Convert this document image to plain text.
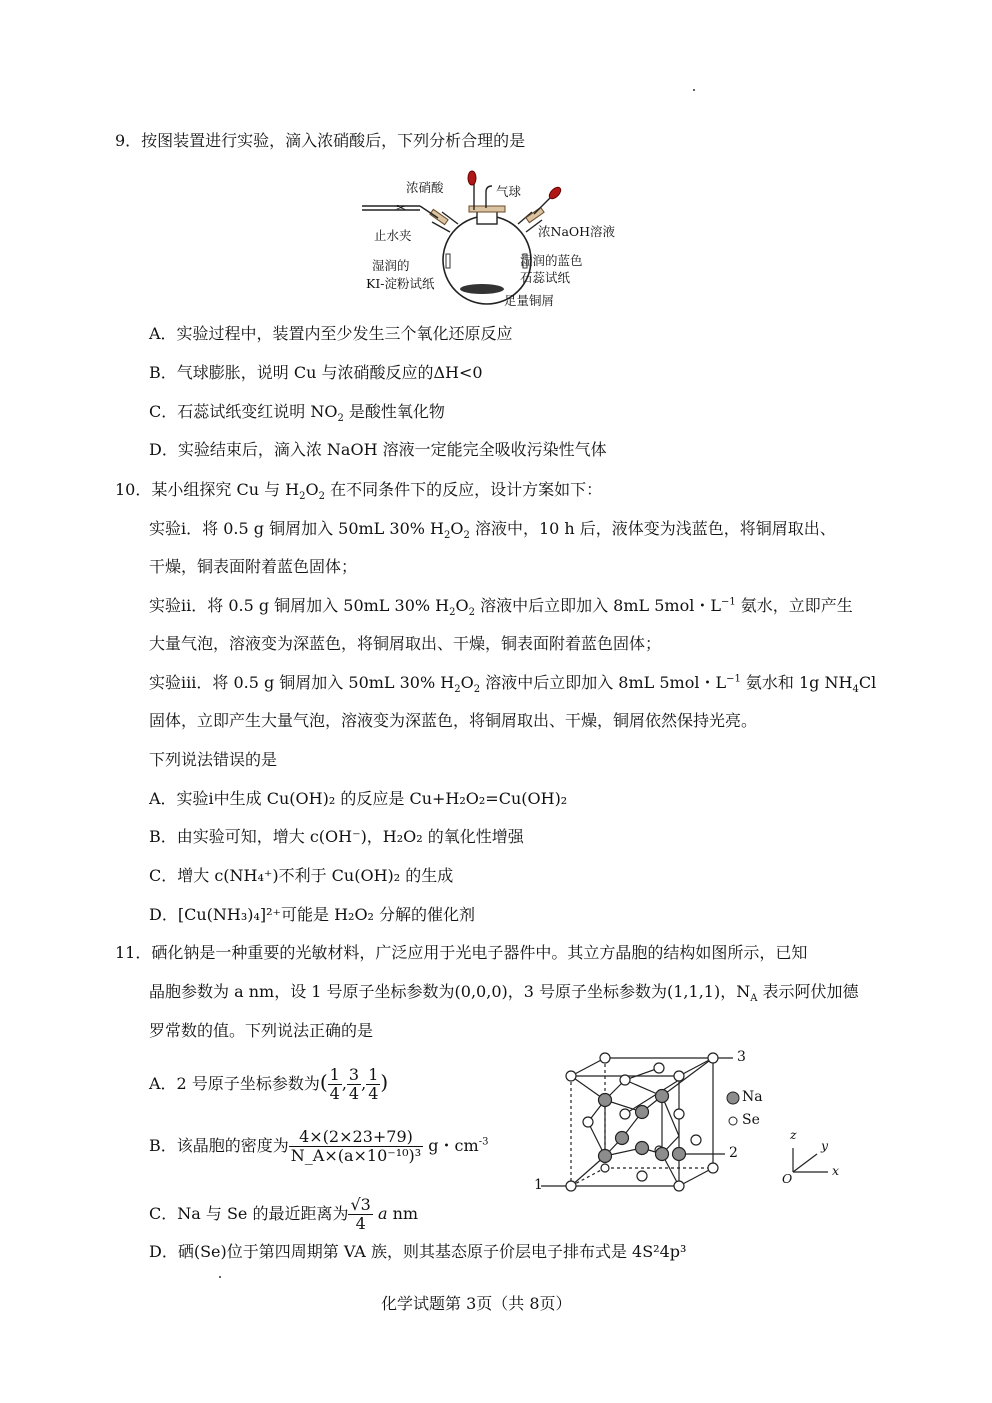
9．按图装置进行实验，滴入浓硝酸后，下列分析合理的是
✂
浓硝酸	气球
止水夹	浓NaOH溶液
湿润的
KI-淀粉试纸
湿润的蓝色
石蕊试纸
足量铜屑
A．实验过程中，装置内至少发生三个氧化还原反应
B．气球膨胀，说明 Cu 与浓硝酸反应的ΔH<0
C．石蕊试纸变红说明 $NO_2$ 是酸性氧化物
D．实验结束后，滴入浓 NaOH 溶液一定能完全吸收污染性气体
10．某小组探究 Cu 与 $H_2O_2$ 在不同条件下的反应，设计方案如下：
实验ⅰ．将 0.5 g 铜屑加入 50mL 30% $H_2O_2$ 溶液中，10 h 后，液体变为浅蓝色，将铜屑取出、
干燥，铜表面附着蓝色固体；
实验ⅱ．将 0.5 g 铜屑加入 50mL 30% $H_2O_2$ 溶液中后立即加入 8mL 5mol・$L^{-1}$ 氨水，立即产生
大量气泡，溶液变为深蓝色，将铜屑取出、干燥，铜表面附着蓝色固体；
实验ⅲ．将 0.5 g 铜屑加入 50mL 30% $H_2O_2$ 溶液中后立即加入 8mL 5mol・$L^{-1}$ 氨水和 1g $NH_4Cl$
固体，立即产生大量气泡，溶液变为深蓝色，将铜屑取出、干燥，铜屑依然保持光亮。
下列说法错误的是
A．实验ⅰ中生成 Cu(OH)₂ 的反应是 Cu+H₂O₂=Cu(OH)₂
B．由实验可知，增大 c(OH⁻)，H₂O₂ 的氧化性增强
C．增大 c(NH₄⁺)不利于 Cu(OH)₂ 的生成
D．[Cu(NH₃)₄]²⁺可能是 H₂O₂ 分解的催化剂
11．硒化钠是一种重要的光敏材料，广泛应用于光电子器件中。其立方晶胞的结构如图所示，已知
晶胞参数为 a nm，设 1 号原子坐标参数为(0,0,0)，3 号原子坐标参数为(1,1,1)，$N_A$ 表示阿伏加德
罗常数的值。下列说法正确的是
A．2 号原子坐标参数为( $\frac{1}{4}$ , $\frac{3}{4}$ , $\frac{1}{4}$ )
B．该晶胞的密度为 $\frac{4\times(2\times 23+79)}{\text{N\_A×(a×10⁻¹⁰)³}}$ g・$cm^{-3}$
C．Na 与 Se 的最近距离为 $\frac{√3}{4}$ a nm
D．硒(Se)位于第四周期第 VA 族，则其基态原子价层电子排布式是 4S²4p³
Na
Se
1
2
3
z
y
x
O
化学试题第 3页（共 8页）
